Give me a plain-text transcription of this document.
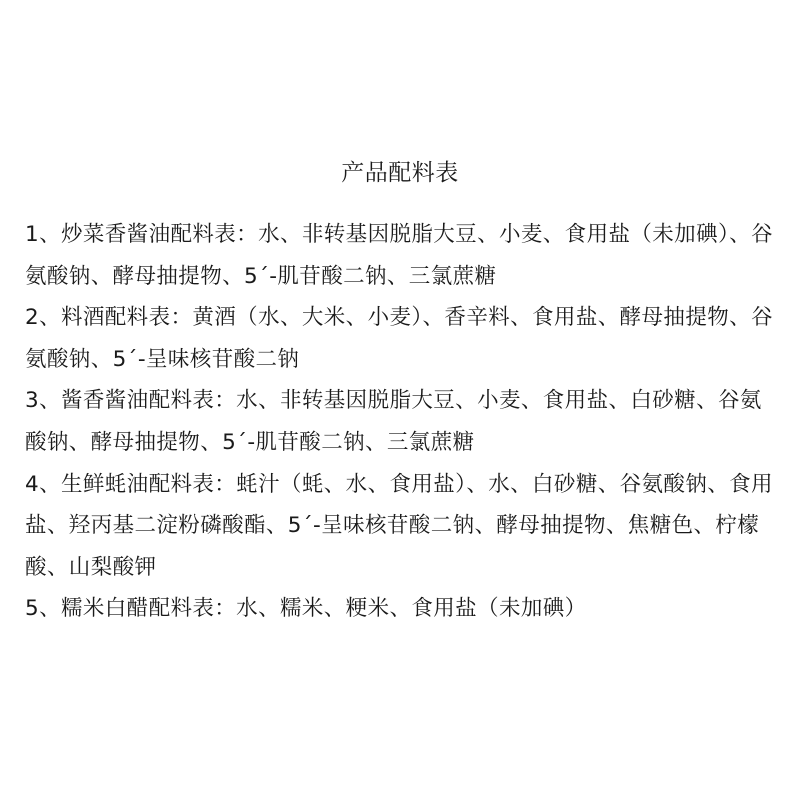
产品配料表
1、炒菜香酱油配料表：水、非转基因脱脂大豆、小麦、食用盐（未加碘）、谷氨酸钠、酵母抽提物、5´-肌苷酸二钠、三氯蔗糖
2、料酒配料表：黄酒（水、大米、小麦）、香辛料、食用盐、酵母抽提物、谷氨酸钠、5´-呈味核苷酸二钠
3、酱香酱油配料表：水、非转基因脱脂大豆、小麦、食用盐、白砂糖、谷氨酸钠、酵母抽提物、5´-肌苷酸二钠、三氯蔗糖
4、生鲜蚝油配料表：蚝汁（蚝、水、食用盐）、水、白砂糖、谷氨酸钠、食用盐、羟丙基二淀粉磷酸酯、5´-呈味核苷酸二钠、酵母抽提物、焦糖色、柠檬酸、山梨酸钾
5、糯米白醋配料表：水、糯米、粳米、食用盐（未加碘）
